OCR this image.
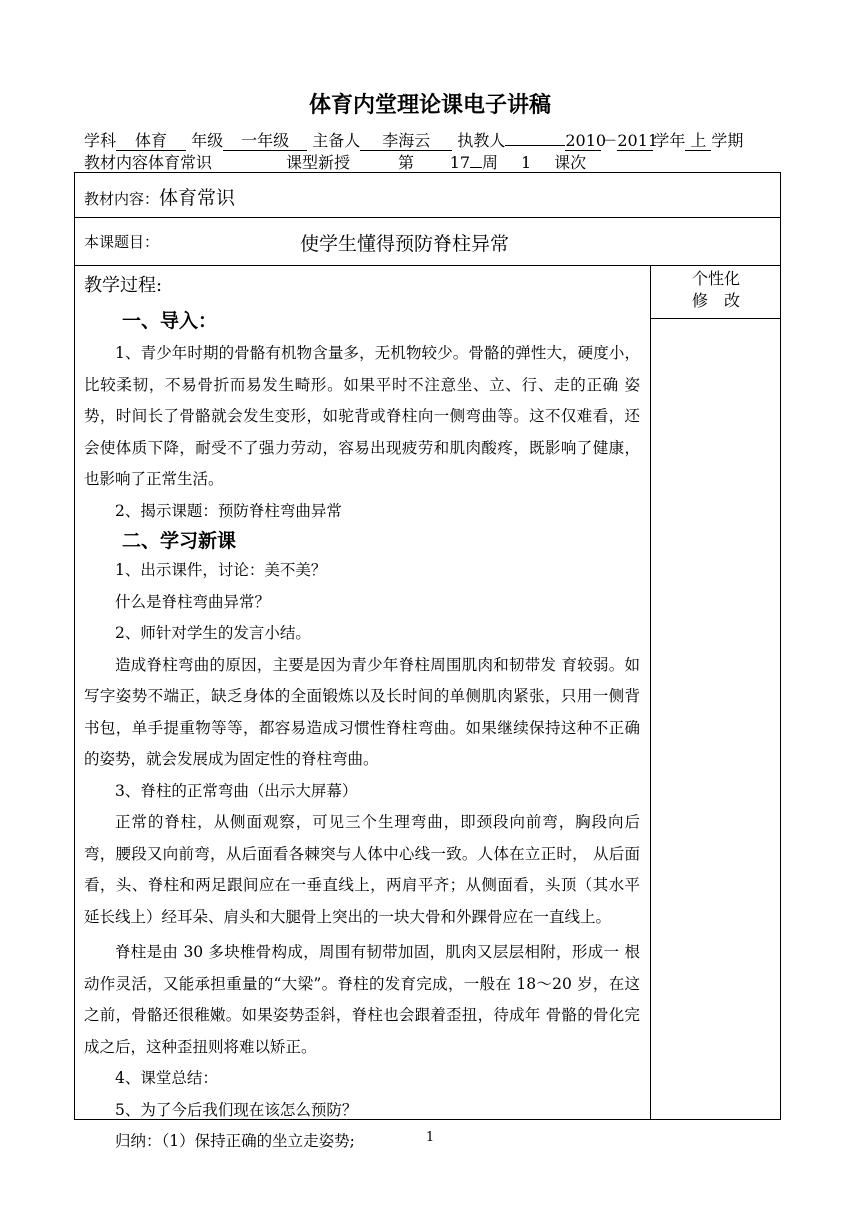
体育内堂理论课电子讲稿
学科 体育 年级 一年级 主备人 李海云 执教人	2010－2011学年 上 学期
教材内容体育常识	课型新授	第 17 周 1 课次
教材内容：体育常识
本课题目：	使学生懂得预防脊柱异常
个性化
修　改
教学过程:
一、导入：

1、青少年时期的骨骼有机物含量多，无机物较少。骨骼的弹性大，硬度小， 比较柔韧，不易骨折而易发生畸形。如果平时不注意坐、立、行、走的正确 姿势，时间长了骨骼就会发生变形，如驼背或脊柱向一侧弯曲等。这不仅难看，还会使体质下降，耐受不了强力劳动，容易出现疲劳和肌肉酸疼，既影响了健康，也影响了正常生活。

2、揭示课题：预防脊柱弯曲异常

二、学习新课

1、出示课件，讨论：美不美？

什么是脊柱弯曲异常？

2、师针对学生的发言小结。

造成脊柱弯曲的原因，主要是因为青少年脊柱周围肌肉和韧带发 育较弱。如写字姿势不端正，缺乏身体的全面锻炼以及长时间的单侧肌肉紧张，只用一侧背书包，单手提重物等等，都容易造成习惯性脊柱弯曲。如果继续保持这种不正确的姿势，就会发展成为固定性的脊柱弯曲。

3、脊柱的正常弯曲（出示大屏幕）

正常的脊柱，从侧面观察，可见三个生理弯曲，即颈段向前弯，胸段向后弯，腰段又向前弯，从后面看各棘突与人体中心线一致。人体在立正时， 从后面看，头、脊柱和两足跟间应在一垂直线上，两肩平齐；从侧面看，头顶（其水平延长线上）经耳朵、肩头和大腿骨上突出的一块大骨和外踝骨应在一直线上。

脊柱是由 30 多块椎骨构成，周围有韧带加固，肌肉又层层相附，形成一 根动作灵活，又能承担重量的“大梁”。脊柱的发育完成，一般在 18～20 岁，在这之前，骨骼还很稚嫩。如果姿势歪斜，脊柱也会跟着歪扭，待成年 骨骼的骨化完成之后，这种歪扭则将难以矫正。

4、课堂总结：

5、为了今后我们现在该怎么预防？

归纳：（1）保持正确的坐立走姿势;	1
